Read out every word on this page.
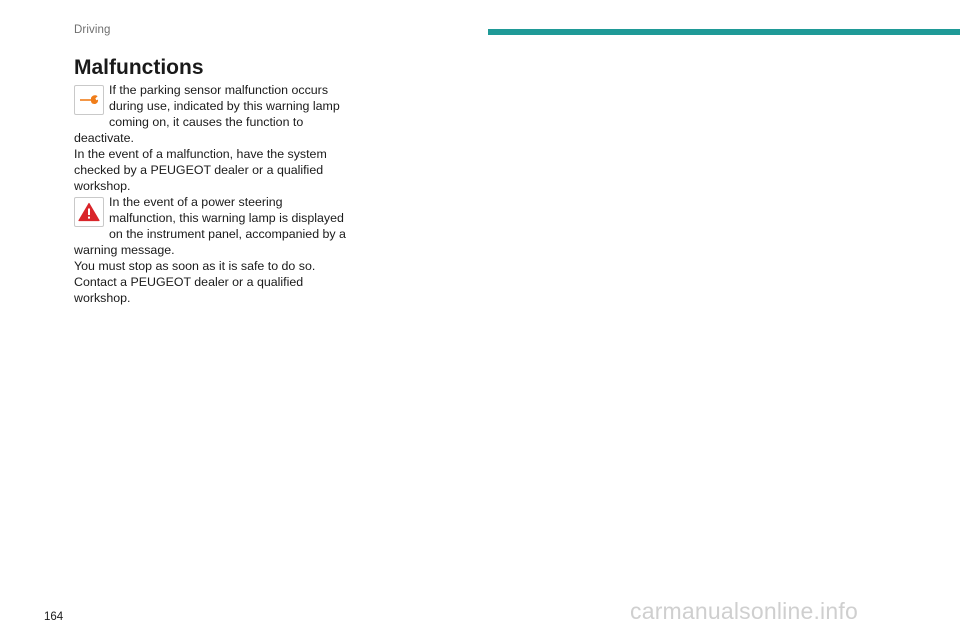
Driving
Malfunctions

If the parking sensor malfunction occurs during use, indicated by this warning lamp coming on, it causes the function to deactivate.

In the event of a malfunction, have the system checked by a PEUGEOT dealer or a qualified workshop.

In the event of a power steering malfunction, this warning lamp is displayed on the instrument panel, accompanied by a warning message.

You must stop as soon as it is safe to do so.

Contact a PEUGEOT dealer or a qualified workshop.

164	carmanualsonline.info
